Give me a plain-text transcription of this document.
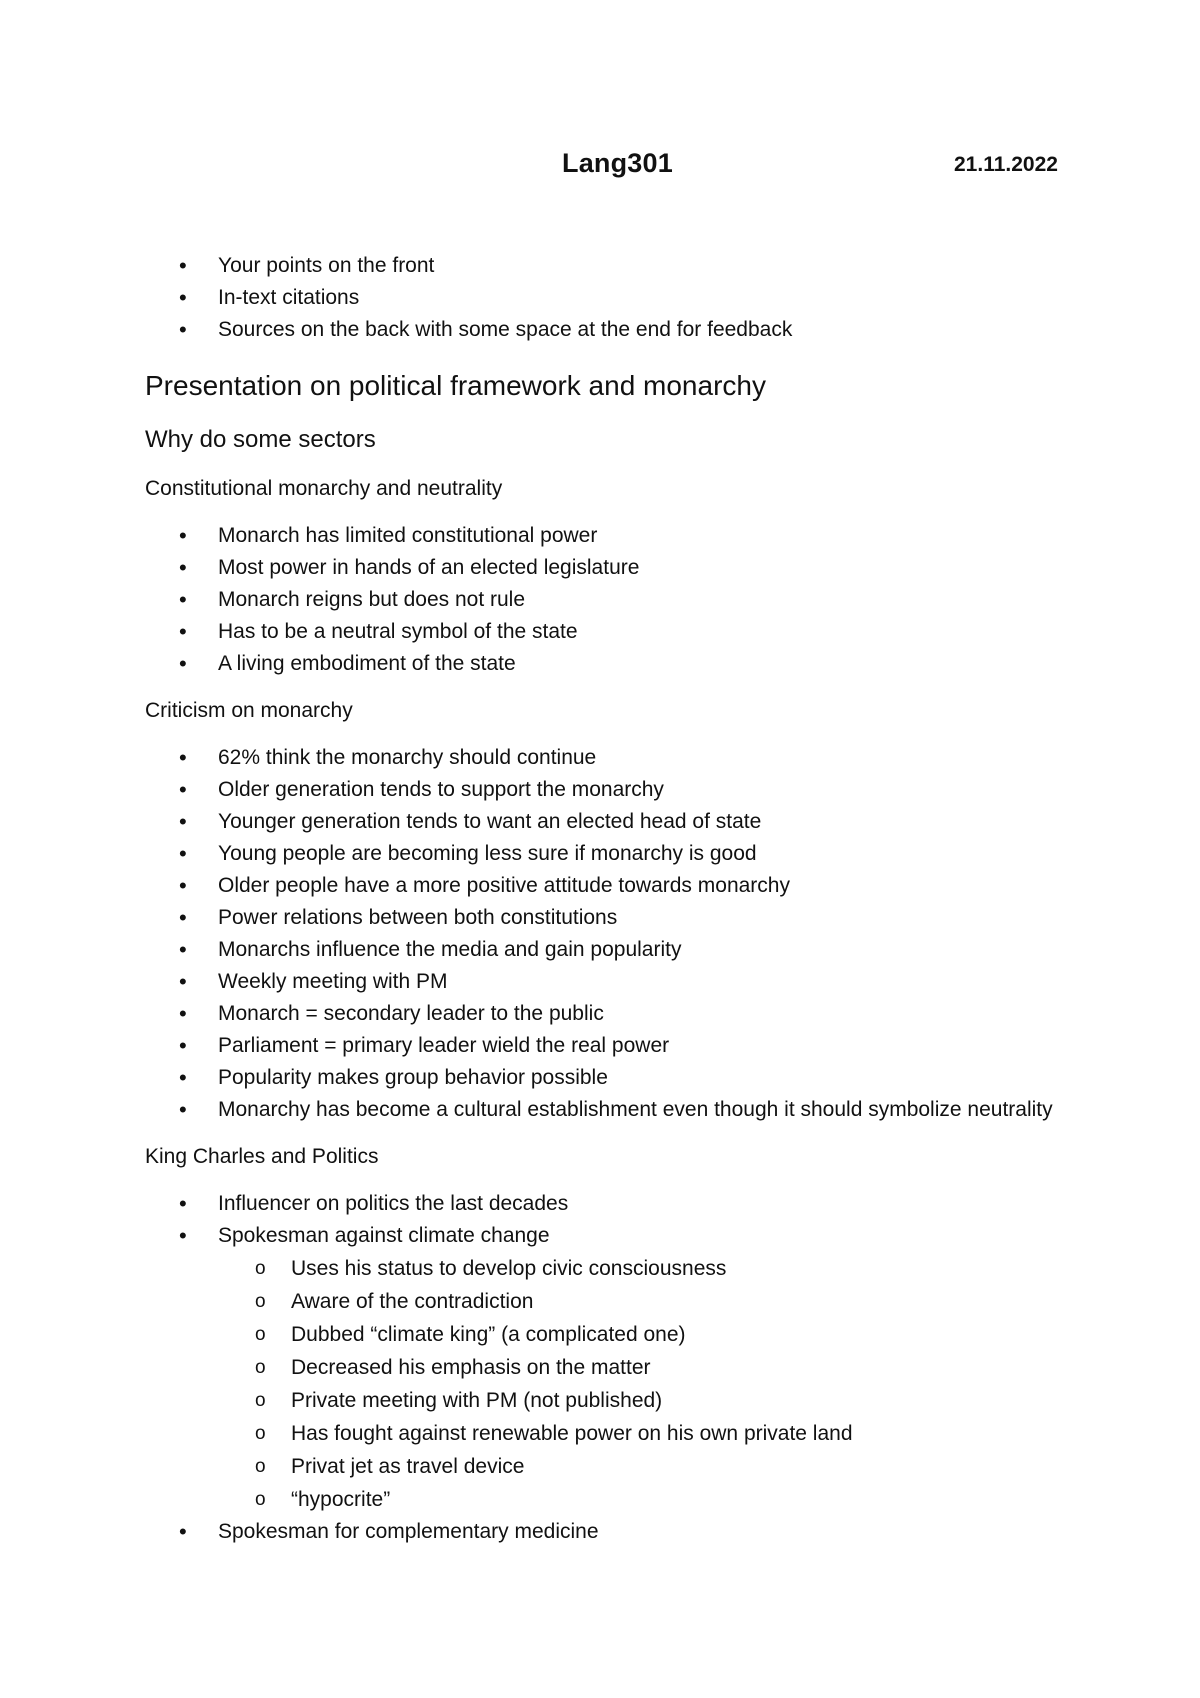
Lang301	21.11.2022
• Your points on the front
• In-text citations
• Sources on the back with some space at the end for feedback
Presentation on political framework and monarchy
Why do some sectors
Constitutional monarchy and neutrality
• Monarch has limited constitutional power
• Most power in hands of an elected legislature
• Monarch reigns but does not rule
• Has to be a neutral symbol of the state
• A living embodiment of the state
Criticism on monarchy
• 62% think the monarchy should continue
• Older generation tends to support the monarchy
• Younger generation tends to want an elected head of state
• Young people are becoming less sure if monarchy is good
• Older people have a more positive attitude towards monarchy
• Power relations between both constitutions
• Monarchs influence the media and gain popularity
• Weekly meeting with PM
• Monarch = secondary leader to the public
• Parliament = primary leader wield the real power
• Popularity makes group behavior possible
• Monarchy has become a cultural establishment even though it should symbolize neutrality
King Charles and Politics
• Influencer on politics the last decades
• Spokesman against climate change
o Uses his status to develop civic consciousness
o Aware of the contradiction
o Dubbed “climate king” (a complicated one)
o Decreased his emphasis on the matter
o Private meeting with PM (not published)
o Has fought against renewable power on his own private land
o Privat jet as travel device
o “hypocrite”
• Spokesman for complementary medicine
